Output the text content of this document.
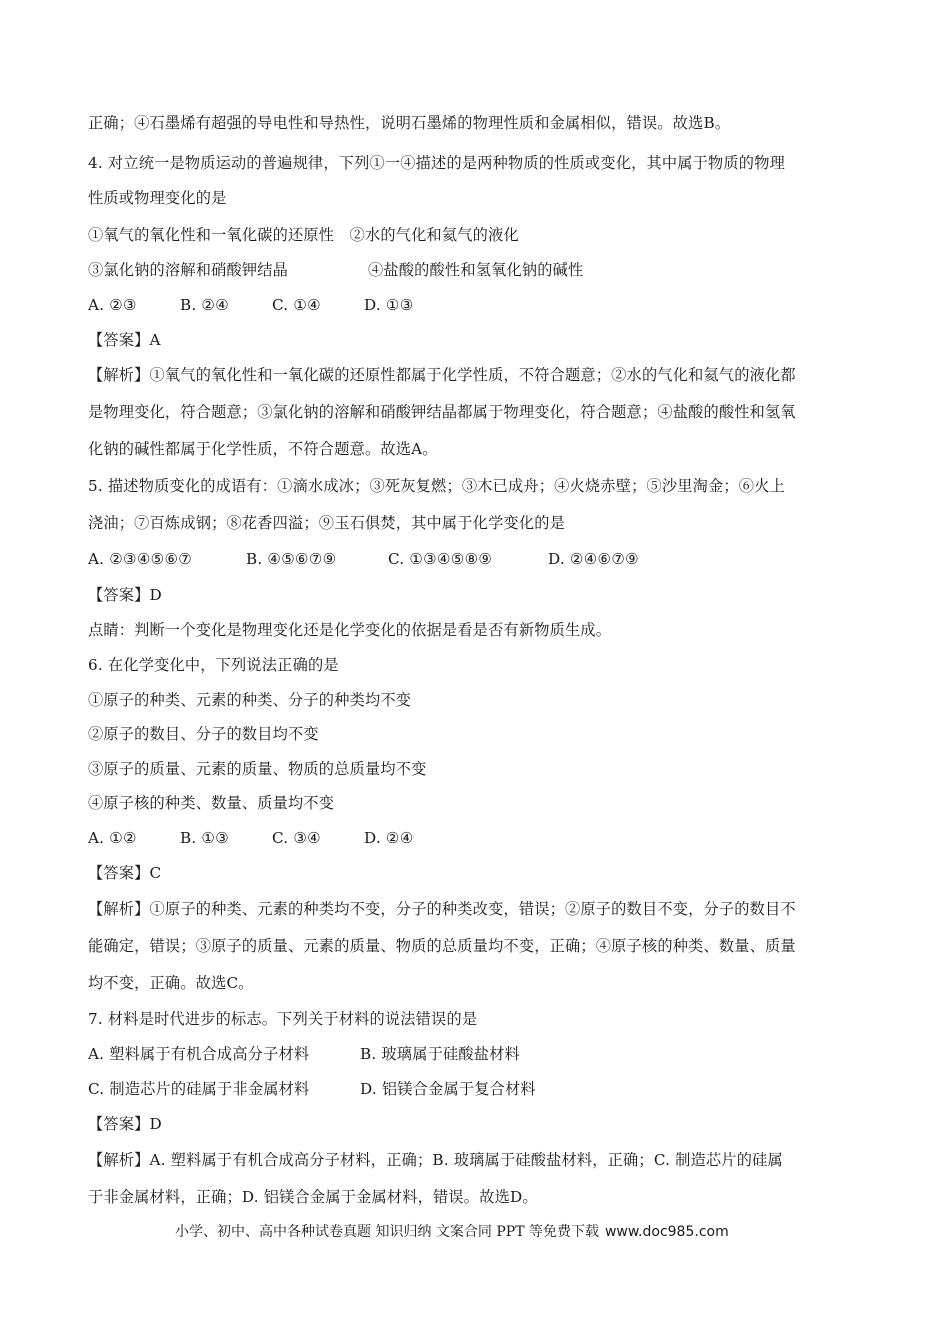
正确；④石墨烯有超强的导电性和导热性，说明石墨烯的物理性质和金属相似，错误。故选B。
4. 对立统一是物质运动的普遍规律，下列①一④描述的是两种物质的性质或变化，其中属于物质的物理
性质或物理变化的是
①氧气的氧化性和一氧化碳的还原性　②水的气化和氦气的液化
③氯化钠的溶解和硝酸钾结晶	④盐酸的酸性和氢氧化钠的碱性
A. ②③	B. ②④	C. ①④	D. ①③
【答案】A
【解析】①氧气的氧化性和一氧化碳的还原性都属于化学性质，不符合题意；②水的气化和氦气的液化都
是物理变化，符合题意；③氯化钠的溶解和硝酸钾结晶都属于物理变化，符合题意；④盐酸的酸性和氢氧
化钠的碱性都属于化学性质，不符合题意。故选A。
5. 描述物质变化的成语有：①滴水成冰；③死灰复燃；③木已成舟；④火烧赤壁；⑤沙里淘金；⑥火上
浇油；⑦百炼成钢；⑧花香四溢；⑨玉石俱焚，其中属于化学变化的是
A. ②③④⑤⑥⑦	B. ④⑤⑥⑦⑨	C. ①③④⑤⑧⑨	D. ②④⑥⑦⑨
【答案】D
点睛：判断一个变化是物理变化还是化学变化的依据是看是否有新物质生成。
6. 在化学变化中，下列说法正确的是
①原子的种类、元素的种类、分子的种类均不变
②原子的数目、分子的数目均不变
③原子的质量、元素的质量、物质的总质量均不变
④原子核的种类、数量、质量均不变
A. ①②	B. ①③	C. ③④	D. ②④
【答案】C
【解析】①原子的种类、元素的种类均不变，分子的种类改变，错误；②原子的数目不变，分子的数目不
能确定，错误；③原子的质量、元素的质量、物质的总质量均不变，正确；④原子核的种类、数量、质量
均不变，正确。故选C。
7. 材料是时代进步的标志。下列关于材料的说法错误的是
A. 塑料属于有机合成高分子材料	B. 玻璃属于硅酸盐材料
C. 制造芯片的硅属于非金属材料	D. 铝镁合金属于复合材料
【答案】D
【解析】A. 塑料属于有机合成高分子材料，正确；B. 玻璃属于硅酸盐材料，正确；C. 制造芯片的硅属
于非金属材料，正确；D. 铝镁合金属于金属材料，错误。故选D。
小学、初中、高中各种试卷真题 知识归纳 文案合同 PPT 等免费下载 www.doc985.com
